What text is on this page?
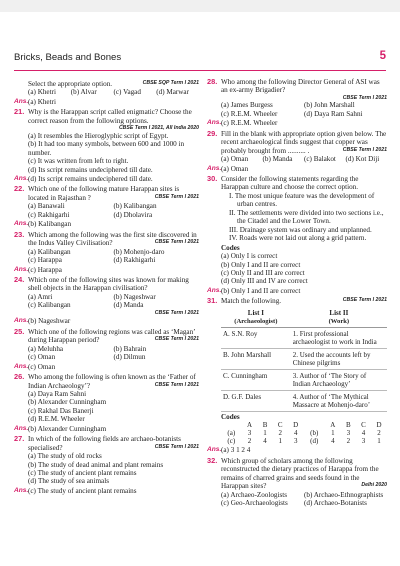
Bricks, Beads and Bones	5
Select the appropriate option.	CBSE SQP Term I 2021
(a) Khetri	(b) Alvar	(c) Vagad	(d) Marwar
Ans. (a) Khetri
21. Why is the Harappan script called enigmatic? Choose the correct reason from the following options.
CBSE Term I 2021, All India 2020
(a) It resembles the Hieroglyphic script of Egypt.
(b) It had too many symbols, between 600 and 1000 in number.
(c) It was written from left to right.
(d) Its script remains undeciphered till date.
Ans. (d) Its script remains undeciphered till date.
22. Which one of the following mature Harappan sites is located in Rajasthan ?	CBSE Term I 2021
(a) Banawali	(b) Kalibangan
(c) Rakhigarhi	(d) Dholavira
Ans. (b) Kalibangan
23. Which among the following was the first site discovered in the Indus Valley Civilisation?	CBSE Term I 2021
(a) Kalibangan	(b) Mohenjo-daro
(c) Harappa	(d) Rakhigarhi
Ans. (c) Harappa
24. Which one of the following sites was known for making shell objects in the Harappan civilisation?
(a) Amri	(b) Nageshwar
(c) Kalibangan	(d) Manda
CBSE Term I 2021
Ans. (b) Nageshwar
25. Which one of the following regions was called as ‘Magan’ during Harappan period?	CBSE Term I 2021
(a) Meluhha	(b) Bahrain
(c) Oman	(d) Dilmun
Ans. (c) Oman
26. Who among the following is often known as the ‘Father of Indian Archaeology’?	CBSE Term I 2021
(a) Daya Ram Sahni
(b) Alexander Cunningham
(c) Rakhal Das Banerji
(d) R.E.M. Wheeler
Ans. (b) Alexander Cunningham
27. In which of the following fields are archaeo-botanists specialised?	CBSE Term I 2021
(a) The study of old rocks
(b) The study of dead animal and plant remains
(c) The study of ancient plant remains
(d) The study of sea animals
Ans. (c) The study of ancient plant remains
28. Who among the following Director General of ASI was an ex-army Brigadier?
CBSE Term I 2021
(a) James Burgess	(b) John Marshall
(c) R.E.M. Wheeler	(d) Daya Ram Sahni
Ans. (c) R.E.M. Wheeler
29. Fill in the blank with appropriate option given below. The recent archaeological finds suggest that copper was probably brought from .......... .	CBSE Term I 2021
(a) Oman	(b) Manda	(c) Balakot	(d) Kot Diji
Ans. (a) Oman
30. Consider the following statements regarding the Harappan culture and choose the correct option.
I. The most unique feature was the development of urban centres.
II. The settlements were divided into two sections i.e., the Citadel and the Lower Town.
III. Drainage system was ordinary and unplanned.
IV. Roads were not laid out along a grid pattern.
Codes
(a) Only I is correct
(b) Only I and II are correct
(c) Only II and III are correct
(d) Only III and IV are correct
Ans. (b) Only I and II are correct
31. Match the following.	CBSE Term I 2021
List I
(Archaeologist)	List II
(Work)
A. S.N. Roy	1. First professional archaeologist to work in India
B. John Marshall	2. Used the accounts left by Chinese pilgrims
C. Cunningham	3. Author of ‘The Story of Indian Archaeology’
D. G.F. Dales	4. Author of ‘The Mythical Massacre at Mohenjo-daro’
Codes
	A	B	C	D		A	B	C	D
(a)	3	1	2	4	(b)	1	3	4	2
(c)	2	4	1	3	(d)	4	2	3	1
Ans. (a) 3 1 2 4
32. Which group of scholars among the following reconstructed the dietary practices of Harappa from the remains of charred grains and seeds found in the Harappan sites?	Delhi 2020
(a) Archaeo-Zoologists	(b) Archaeo-Ethnographists
(c) Geo-Archaeologists	(d) Archaeo-Botanists
